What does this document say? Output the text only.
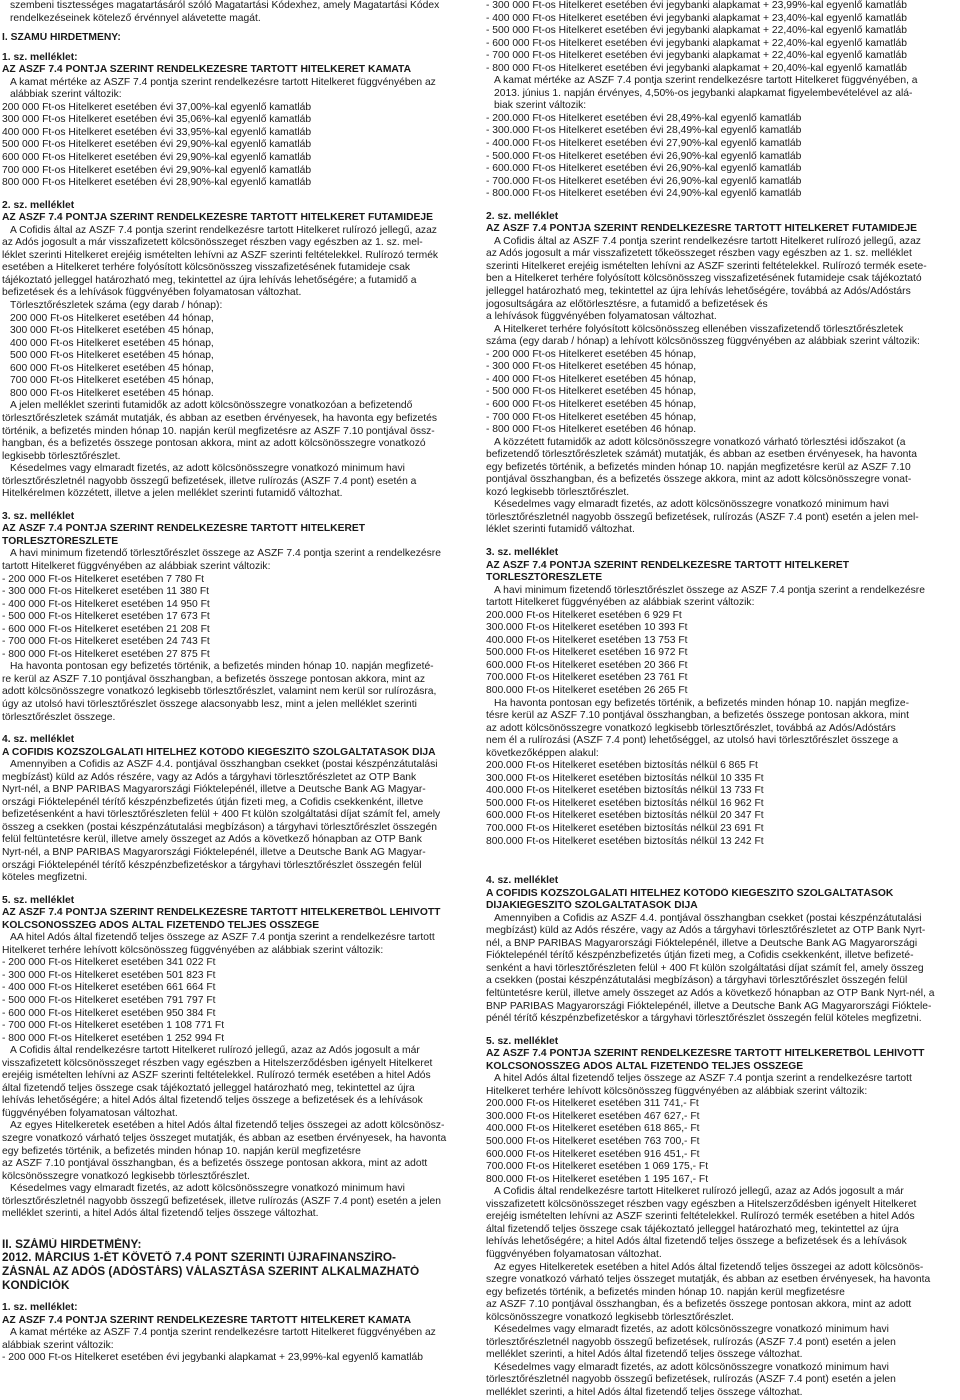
szembeni tisztességes magatartásáról szóló Magatartási Kódexhez, amely Magatartási Kódex
rendelkezéseinek kötelező érvénnyel alávetette magát.
I. SZÁMÚ HIRDETMÉNY:
1. sz. melléklet:
AZ ÁSZF 7.4 PONTJA SZERINT RENDELKEZÉSRE TARTOTT HITELKERET KAMATA
A kamat mértéke az ÁSZF 7.4 pontja szerint rendelkezésre tartott Hitelkeret függvényében az
alábbiak szerint változik:
200 000 Ft-os Hitelkeret esetében évi 37,00%-kal egyenlő kamatláb
300 000 Ft-os Hitelkeret esetében évi 35,06%-kal egyenlő kamatláb
400 000 Ft-os Hitelkeret esetében évi 33,95%-kal egyenlő kamatláb
500 000 Ft-os Hitelkeret esetében évi 29,90%-kal egyenlő kamatláb
600 000 Ft-os Hitelkeret esetében évi 29,90%-kal egyenlő kamatláb
700 000 Ft-os Hitelkeret esetében évi 29,90%-kal egyenlő kamatláb
800 000 Ft-os Hitelkeret esetében évi 28,90%-kal egyenlő kamatláb
2. sz. melléklet
AZ ÁSZF 7.4 PONTJA SZERINT RENDELKEZÉSRE TARTOTT HITELKERET FUTAMIDEJE
A Cofidis által az ÁSZF 7.4 pontja szerint rendelkezésre tartott Hitelkeret rulírozó jellegű, azaz
az Adós jogosult a már visszafizetett kölcsönösszeget részben vagy egészben az 1. sz. mel-
léklet szerinti Hitelkeret erejéig ismételten lehívni az ÁSZF szerinti feltételekkel. Rulírozó termék
esetében a Hitelkeret terhére folyósított kölcsönösszeg visszafizetésének futamideje csak
tájékoztató jelleggel határozható meg, tekintettel az újra lehívás lehetőségére; a futamidő a
befizetések és a lehívások függvényében folyamatosan változhat.
Törlesztőrészletek száma (egy darab / hónap):
200 000 Ft-os Hitelkeret esetében 44 hónap,
300 000 Ft-os Hitelkeret esetében 45 hónap,
400 000 Ft-os Hitelkeret esetében 45 hónap,
500 000 Ft-os Hitelkeret esetében 45 hónap,
600 000 Ft-os Hitelkeret esetében 45 hónap,
700 000 Ft-os Hitelkeret esetében 45 hónap,
800 000 Ft-os Hitelkeret esetében 45 hónap.
A jelen melléklet szerinti futamidők az adott kölcsönösszegre vonatkozóan a befizetendő
törlesztőrészletek számát mutatják, és abban az esetben érvényesek, ha havonta egy befizetés
történik, a befizetés minden hónap 10. napján kerül megfizetésre az ÁSZF 7.10 pontjával össz-
hangban, és a befizetés összege pontosan akkora, mint az adott kölcsönösszegre vonatkozó
legkisebb törlesztőrészlet.
Késedelmes vagy elmaradt fizetés, az adott kölcsönösszegre vonatkozó minimum havi
törlesztőrészletnél nagyobb összegű befizetések, illetve rulírozás (ÁSZF 7.4 pont) esetén a
Hitelkérelmen közzétett, illetve a jelen melléklet szerinti futamidő változhat.
3. sz. melléklet
AZ ÁSZF 7.4 PONTJA SZERINT RENDELKEZÉSRE TARTOTT HITELKERET
TÖRLESZTŐRÉSZLETE
A havi minimum fizetendő törlesztőrészlet összege az ÁSZF 7.4 pontja szerint a rendelkezésre
tartott Hitelkeret függvényében az alábbiak szerint változik:
- 200 000 Ft-os Hitelkeret esetében 7 780 Ft
- 300 000 Ft-os Hitelkeret esetében 11 380 Ft
- 400 000 Ft-os Hitelkeret esetében 14 950 Ft
- 500 000 Ft-os Hitelkeret esetében 17 673 Ft
- 600 000 Ft-os Hitelkeret esetében 21 208 Ft
- 700 000 Ft-os Hitelkeret esetében 24 743 Ft
- 800 000 Ft-os Hitelkeret esetében 27 875 Ft
Ha havonta pontosan egy befizetés történik, a befizetés minden hónap 10. napján megfizeté-
re kerül az ÁSZF 7.10 pontjával összhangban, a befizetés összege pontosan akkora, mint az
adott kölcsönösszegre vonatkozó legkisebb törlesztőrészlet, valamint nem kerül sor rulírozásra,
úgy az utolsó havi törlesztőrészlet összege alacsonyabb lesz, mint a jelen melléklet szerinti
törlesztőrészlet összege.
4. sz. melléklet
A COFIDIS KÖZSZOLGÁLATI HITELHEZ KÖTŐDŐ KIEGÉSZÍTŐ SZOLGÁLTATÁSOK DÍJA
Amennyiben a Cofidis az ÁSZF 4.4. pontjával összhangban csekket (postai készpénzátutalási
megbízást) küld az Adós részére, vagy az Adós a tárgyhavi törlesztőrészletet az OTP Bank
Nyrt-nél, a BNP PARIBAS Magyarországi Fióktelepénél, illetve a Deutsche Bank AG Magyar-
országi Fióktelepénél térítő készpénzbefizetés útján fizeti meg, a Cofidis csekkenként, illetve
befizetésenként a havi törlesztőrészleten felül + 400 Ft külön szolgáltatási díjat számít fel, amely
összeg a csekken (postai készpénzátutalási megbízáson) a tárgyhavi törlesztőrészlet összegén
felül feltüntetésre kerül, illetve amely összeget az Adós a következő hónapban az OTP Bank
Nyrt-nél, a BNP PARIBAS Magyarországi Fióktelepénél, illetve a Deutsche Bank AG Magyar-
országi Fióktelepénél térítő készpénzbefizetéskor a tárgyhavi törlesztőrészlet összegén felül
köteles megfizetni.
5. sz. melléklet
AZ ÁSZF 7.4 PONTJA SZERINT RENDELKEZÉSRE TARTOTT HITELKERETBŐL LEHÍVOTT
KÖLCSÖNÖSSZEG ADÓS ÁLTAL FIZETENDŐ TELJES ÖSSZEGE
AA hitel Adós által fizetendő teljes összege az ÁSZF 7.4 pontja szerint a rendelkezésre tartott
Hitelkeret terhére lehívott kölcsönösszeg függvényében az alábbiak szerint változik:
- 200 000 Ft-os Hitelkeret esetében 341 022 Ft
- 300 000 Ft-os Hitelkeret esetében 501 823 Ft
- 400 000 Ft-os Hitelkeret esetében 661 664 Ft
- 500 000 Ft-os Hitelkeret esetében 791 797 Ft
- 600 000 Ft-os Hitelkeret esetében 950 384 Ft
- 700 000 Ft-os Hitelkeret esetében 1 108 771 Ft
- 800 000 Ft-os Hitelkeret esetében 1 252 994 Ft
A Cofidis által rendelkezésre tartott Hitelkeret rulírozó jellegű, azaz az Adós jogosult a már
visszafizetett kölcsönösszeget részben vagy egészben a Hitelszerződésben igényelt Hitelkeret
erejéig ismételten lehívni az ÁSZF szerinti feltételekkel. Rulírozó termék esetében a hitel Adós
által fizetendő teljes összege csak tájékoztató jelleggel határozható meg, tekintettel az újra
lehívás lehetőségére; a hitel Adós által fizetendő teljes összege a befizetések és a lehívások
függvényében folyamatosan változhat.
Az egyes Hitelkeretek esetében a hitel Adós által fizetendő teljes összegei az adott kölcsönösz-
szegre vonatkozó várható teljes összeget mutatják, és abban az esetben érvényesek, ha havonta
egy befizetés történik, a befizetés minden hónap 10. napján kerül megfizetésre
az ÁSZF 7.10 pontjával összhangban, és a befizetés összege pontosan akkora, mint az adott
kölcsönösszegre vonatkozó legkisebb törlesztőrészlet.
Késedelmes vagy elmaradt fizetés, az adott kölcsönösszegre vonatkozó minimum havi
törlesztőrészletnél nagyobb összegű befizetések, illetve rulírozás (ÁSZF 7.4 pont) esetén a jelen
melléklet szerinti, a hitel Adós által fizetendő teljes összege változhat.
II. SZÁMÚ HIRDETMÉNY:
2012. MÁRCIUS 1-ÉT KÖVETŐ 7.4 PONT SZERINTI ÚJRAFINANSZÍRO-
ZÁSNÁL AZ ADÓS (ADÓSTÁRS) VÁLASZTÁSA SZERINT ALKALMAZHATÓ
KONDÍCIÓK
1. sz. melléklet:
AZ ÁSZF 7.4 PONTJA SZERINT RENDELKEZÉSRE TARTOTT HITELKERET KAMATA
A kamat mértéke az ÁSZF 7.4 pontja szerint rendelkezésre tartott Hitelkeret függvényében az
alábbiak szerint változik:
- 200 000 Ft-os Hitelkeret esetében évi jegybanki alapkamat + 23,99%-kal egyenlő kamatláb
- 300 000 Ft-os Hitelkeret esetében évi jegybanki alapkamat + 23,99%-kal egyenlő kamatláb
- 400 000 Ft-os Hitelkeret esetében évi jegybanki alapkamat + 23,40%-kal egyenlő kamatláb
- 500 000 Ft-os Hitelkeret esetében évi jegybanki alapkamat + 22,40%-kal egyenlő kamatláb
- 600 000 Ft-os Hitelkeret esetében évi jegybanki alapkamat + 22,40%-kal egyenlő kamatláb
- 700 000 Ft-os Hitelkeret esetében évi jegybanki alapkamat + 22,40%-kal egyenlő kamatláb
- 800 000 Ft-os Hitelkeret esetében évi jegybanki alapkamat + 20,40%-kal egyenlő kamatláb
A kamat mértéke az ÁSZF 7.4 pontja szerint rendelkezésre tartott Hitelkeret függvényében, a
2013. június 1. napján érvényes, 4,50%-os jegybanki alapkamat figyelembevételével az alá-
biak szerint változik:
- 200.000 Ft-os Hitelkeret esetében évi 28,49%-kal egyenlő kamatláb
- 300.000 Ft-os Hitelkeret esetében évi 28,49%-kal egyenlő kamatláb
- 400.000 Ft-os Hitelkeret esetében évi 27,90%-kal egyenlő kamatláb
- 500.000 Ft-os Hitelkeret esetében évi 26,90%-kal egyenlő kamatláb
- 600.000 Ft-os Hitelkeret esetében évi 26,90%-kal egyenlő kamatláb
- 700.000 Ft-os Hitelkeret esetében évi 26,90%-kal egyenlő kamatláb
- 800.000 Ft-os Hitelkeret esetében évi 24,90%-kal egyenlő kamatláb
2. sz. melléklet
AZ ÁSZF 7.4 PONTJA SZERINT RENDELKEZÉSRE TARTOTT HITELKERET FUTAMIDEJE
A Cofidis által az ÁSZF 7.4 pontja szerint rendelkezésre tartott Hitelkeret rulírozó jellegű, azaz
az Adós jogosult a már visszafizetett tőkeösszeget részben vagy egészben az 1. sz. melléklet
szerinti Hitelkeret erejéig ismételten lehívni az ÁSZF szerinti feltételekkel. Rulírozó termék esete-
ben a Hitelkeret terhére folyósított kölcsönösszeg visszafizetésének futamideje csak tájékoztató
jelleggel határozható meg, tekintettel az újra lehívás lehetőségére, továbbá az Adós/Adóstárs
jogosultságára az előtörlesztésre, a futamidő a befizetések és
a lehívások függvényében folyamatosan változhat.
A Hitelkeret terhére folyósított kölcsönösszeg ellenében visszafizetendő törlesztőrészletek
száma (egy darab / hónap) a lehívott kölcsönösszeg függvényében az alábbiak szerint változik:
- 200 000 Ft-os Hitelkeret esetében 45 hónap,
- 300 000 Ft-os Hitelkeret esetében 45 hónap,
- 400 000 Ft-os Hitelkeret esetében 45 hónap,
- 500 000 Ft-os Hitelkeret esetében 45 hónap,
- 600 000 Ft-os Hitelkeret esetében 45 hónap,
- 700 000 Ft-os Hitelkeret esetében 45 hónap,
- 800 000 Ft-os Hitelkeret esetében 46 hónap.
A közzétett futamidők az adott kölcsönösszegre vonatkozó várható törlesztési időszakot (a
befizetendő törlesztőrészletek számát) mutatják, és abban az esetben érvényesek, ha havonta
egy befizetés történik, a befizetés minden hónap 10. napján megfizetésre kerül az ÁSZF 7.10
pontjával összhangban, és a befizetés összege akkora, mint az adott kölcsönösszegre vonat-
kozó legkisebb törlesztőrészlet.
Késedelmes vagy elmaradt fizetés, az adott kölcsönösszegre vonatkozó minimum havi
törlesztőrészletnél nagyobb összegű befizetések, rulírozás (ÁSZF 7.4 pont) esetén a jelen mel-
léklet szerinti futamidő változhat.
3. sz. melléklet
AZ ÁSZF 7.4 PONTJA SZERINT RENDELKEZÉSRE TARTOTT HITELKERET
TÖRLESZTŐRÉSZLETE
A havi minimum fizetendő törlesztőrészlet összege az ÁSZF 7.4 pontja szerint a rendelkezésre
tartott Hitelkeret függvényében az alábbiak szerint változik:
200.000 Ft-os Hitelkeret esetében 6 929 Ft
300.000 Ft-os Hitelkeret esetében 10 393 Ft
400.000 Ft-os Hitelkeret esetében 13 753 Ft
500.000 Ft-os Hitelkeret esetében 16 972 Ft
600.000 Ft-os Hitelkeret esetében 20 366 Ft
700.000 Ft-os Hitelkeret esetében 23 761 Ft
800.000 Ft-os Hitelkeret esetében 26 265 Ft
Ha havonta pontosan egy befizetés történik, a befizetés minden hónap 10. napján megfize-
tésre kerül az ÁSZF 7.10 pontjával összhangban, a befizetés összege pontosan akkora, mint
az adott kölcsönösszegre vonatkozó legkisebb törlesztőrészlet, továbbá az Adós/Adóstárs
nem él a rulírozási (ÁSZF 7.4 pont) lehetőséggel, az utolsó havi törlesztőrészlet összege a
következőképpen alakul:
200.000 Ft-os Hitelkeret esetében biztosítás nélkül 6 865 Ft
300.000 Ft-os Hitelkeret esetében biztosítás nélkül 10 335 Ft
400.000 Ft-os Hitelkeret esetében biztosítás nélkül 13 733 Ft
500.000 Ft-os Hitelkeret esetében biztosítás nélkül 16 962 Ft
600.000 Ft-os Hitelkeret esetében biztosítás nélkül 20 347 Ft
700.000 Ft-os Hitelkeret esetében biztosítás nélkül 23 691 Ft
800.000 Ft-os Hitelkeret esetében biztosítás nélkül 13 242 Ft
4. sz. melléklet
A COFIDIS KÖZSZOLGÁLATI HITELHEZ KÖTŐDŐ KIEGÉSZÍTŐ SZOLGÁLTATÁSOK
DÍJAKIEGÉSZÍTŐ SZOLGÁLTATÁSOK DÍJA
Amennyiben a Cofidis az ÁSZF 4.4. pontjával összhangban csekket (postai készpénzátutalási
megbízást) küld az Adós részére, vagy az Adós a tárgyhavi törlesztőrészletet az OTP Bank Nyrt-
nél, a BNP PARIBAS Magyarországi Fióktelepénél, illetve a Deutsche Bank AG Magyarországi
Fióktelepénél térítő készpénzbefizetés útján fizeti meg, a Cofidis csekkenként, illetve befizeté-
senként a havi törlesztőrészleten felül + 400 Ft külön szolgáltatási díjat számít fel, amely összeg
a csekken (postai készpénzátutalási megbízáson) a tárgyhavi törlesztőrészlet összegén felül
feltüntetésre kerül, illetve amely összeget az Adós a következő hónapban az OTP Bank Nyrt-nél, a
BNP PARIBAS Magyarországi Fióktelepénél, illetve a Deutsche Bank AG Magyarországi Fióktele-
pénél térítő készpénzbefizetéskor a tárgyhavi törlesztőrészlet összegén felül köteles megfizetni.
5. sz. melléklet
AZ ÁSZF 7.4 PONTJA SZERINT RENDELKEZÉSRE TARTOTT HITELKERETBŐL LEHÍVOTT
KÖLCSÖNÖSSZEG ADÓS ÁLTAL FIZETENDŐ TELJES ÖSSZEGE
A hitel Adós által fizetendő teljes összege az ÁSZF 7.4 pontja szerint a rendelkezésre tartott
Hitelkeret terhére lehívott kölcsönösszeg függvényében az alábbiak szerint változik:
200.000 Ft-os Hitelkeret esetében 311 741,- Ft
300.000 Ft-os Hitelkeret esetében 467 627,- Ft
400.000 Ft-os Hitelkeret esetében 618 865,- Ft
500.000 Ft-os Hitelkeret esetében 763 700,- Ft
600.000 Ft-os Hitelkeret esetében 916 451,- Ft
700.000 Ft-os Hitelkeret esetében 1 069 175,- Ft
800.000 Ft-os Hitelkeret esetében 1 195 167,- Ft
A Cofidis által rendelkezésre tartott Hitelkeret rulírozó jellegű, azaz az Adós jogosult a már
visszafizetett kölcsönösszeget részben vagy egészben a Hitelszerződésben igényelt Hitelkeret
erejéig ismételten lehívni az ÁSZF szerinti feltételekkel. Rulírozó termék esetében a hitel Adós
által fizetendő teljes összege csak tájékoztató jelleggel határozható meg, tekintettel az újra
lehívás lehetőségére; a hitel Adós által fizetendő teljes összege a befizetések és a lehívások
függvényében folyamatosan változhat.
Az egyes Hitelkeretek esetében a hitel Adós által fizetendő teljes összegei az adott kölcsönös-
szegre vonatkozó várható teljes összeget mutatják, és abban az esetben érvényesek, ha havonta
egy befizetés történik, a befizetés minden hónap 10. napján kerül megfizetésre
az ÁSZF 7.10 pontjával összhangban, és a befizetés összege pontosan akkora, mint az adott
kölcsönösszegre vonatkozó legkisebb törlesztőrészlet.
Késedelmes vagy elmaradt fizetés, az adott kölcsönösszegre vonatkozó minimum havi
törlesztőrészletnél nagyobb összegű befizetések, rulírozás (ÁSZF 7.4 pont) esetén a jelen
melléklet szerinti, a hitel Adós által fizetendő teljes összege változhat.
Késedelmes vagy elmaradt fizetés, az adott kölcsönösszegre vonatkozó minimum havi
törlesztőrészletnél nagyobb összegű befizetések, rulírozás (ÁSZF 7.4 pont) esetén a jelen
melléklet szerinti, a hitel Adós által fizetendő teljes összege változhat.
